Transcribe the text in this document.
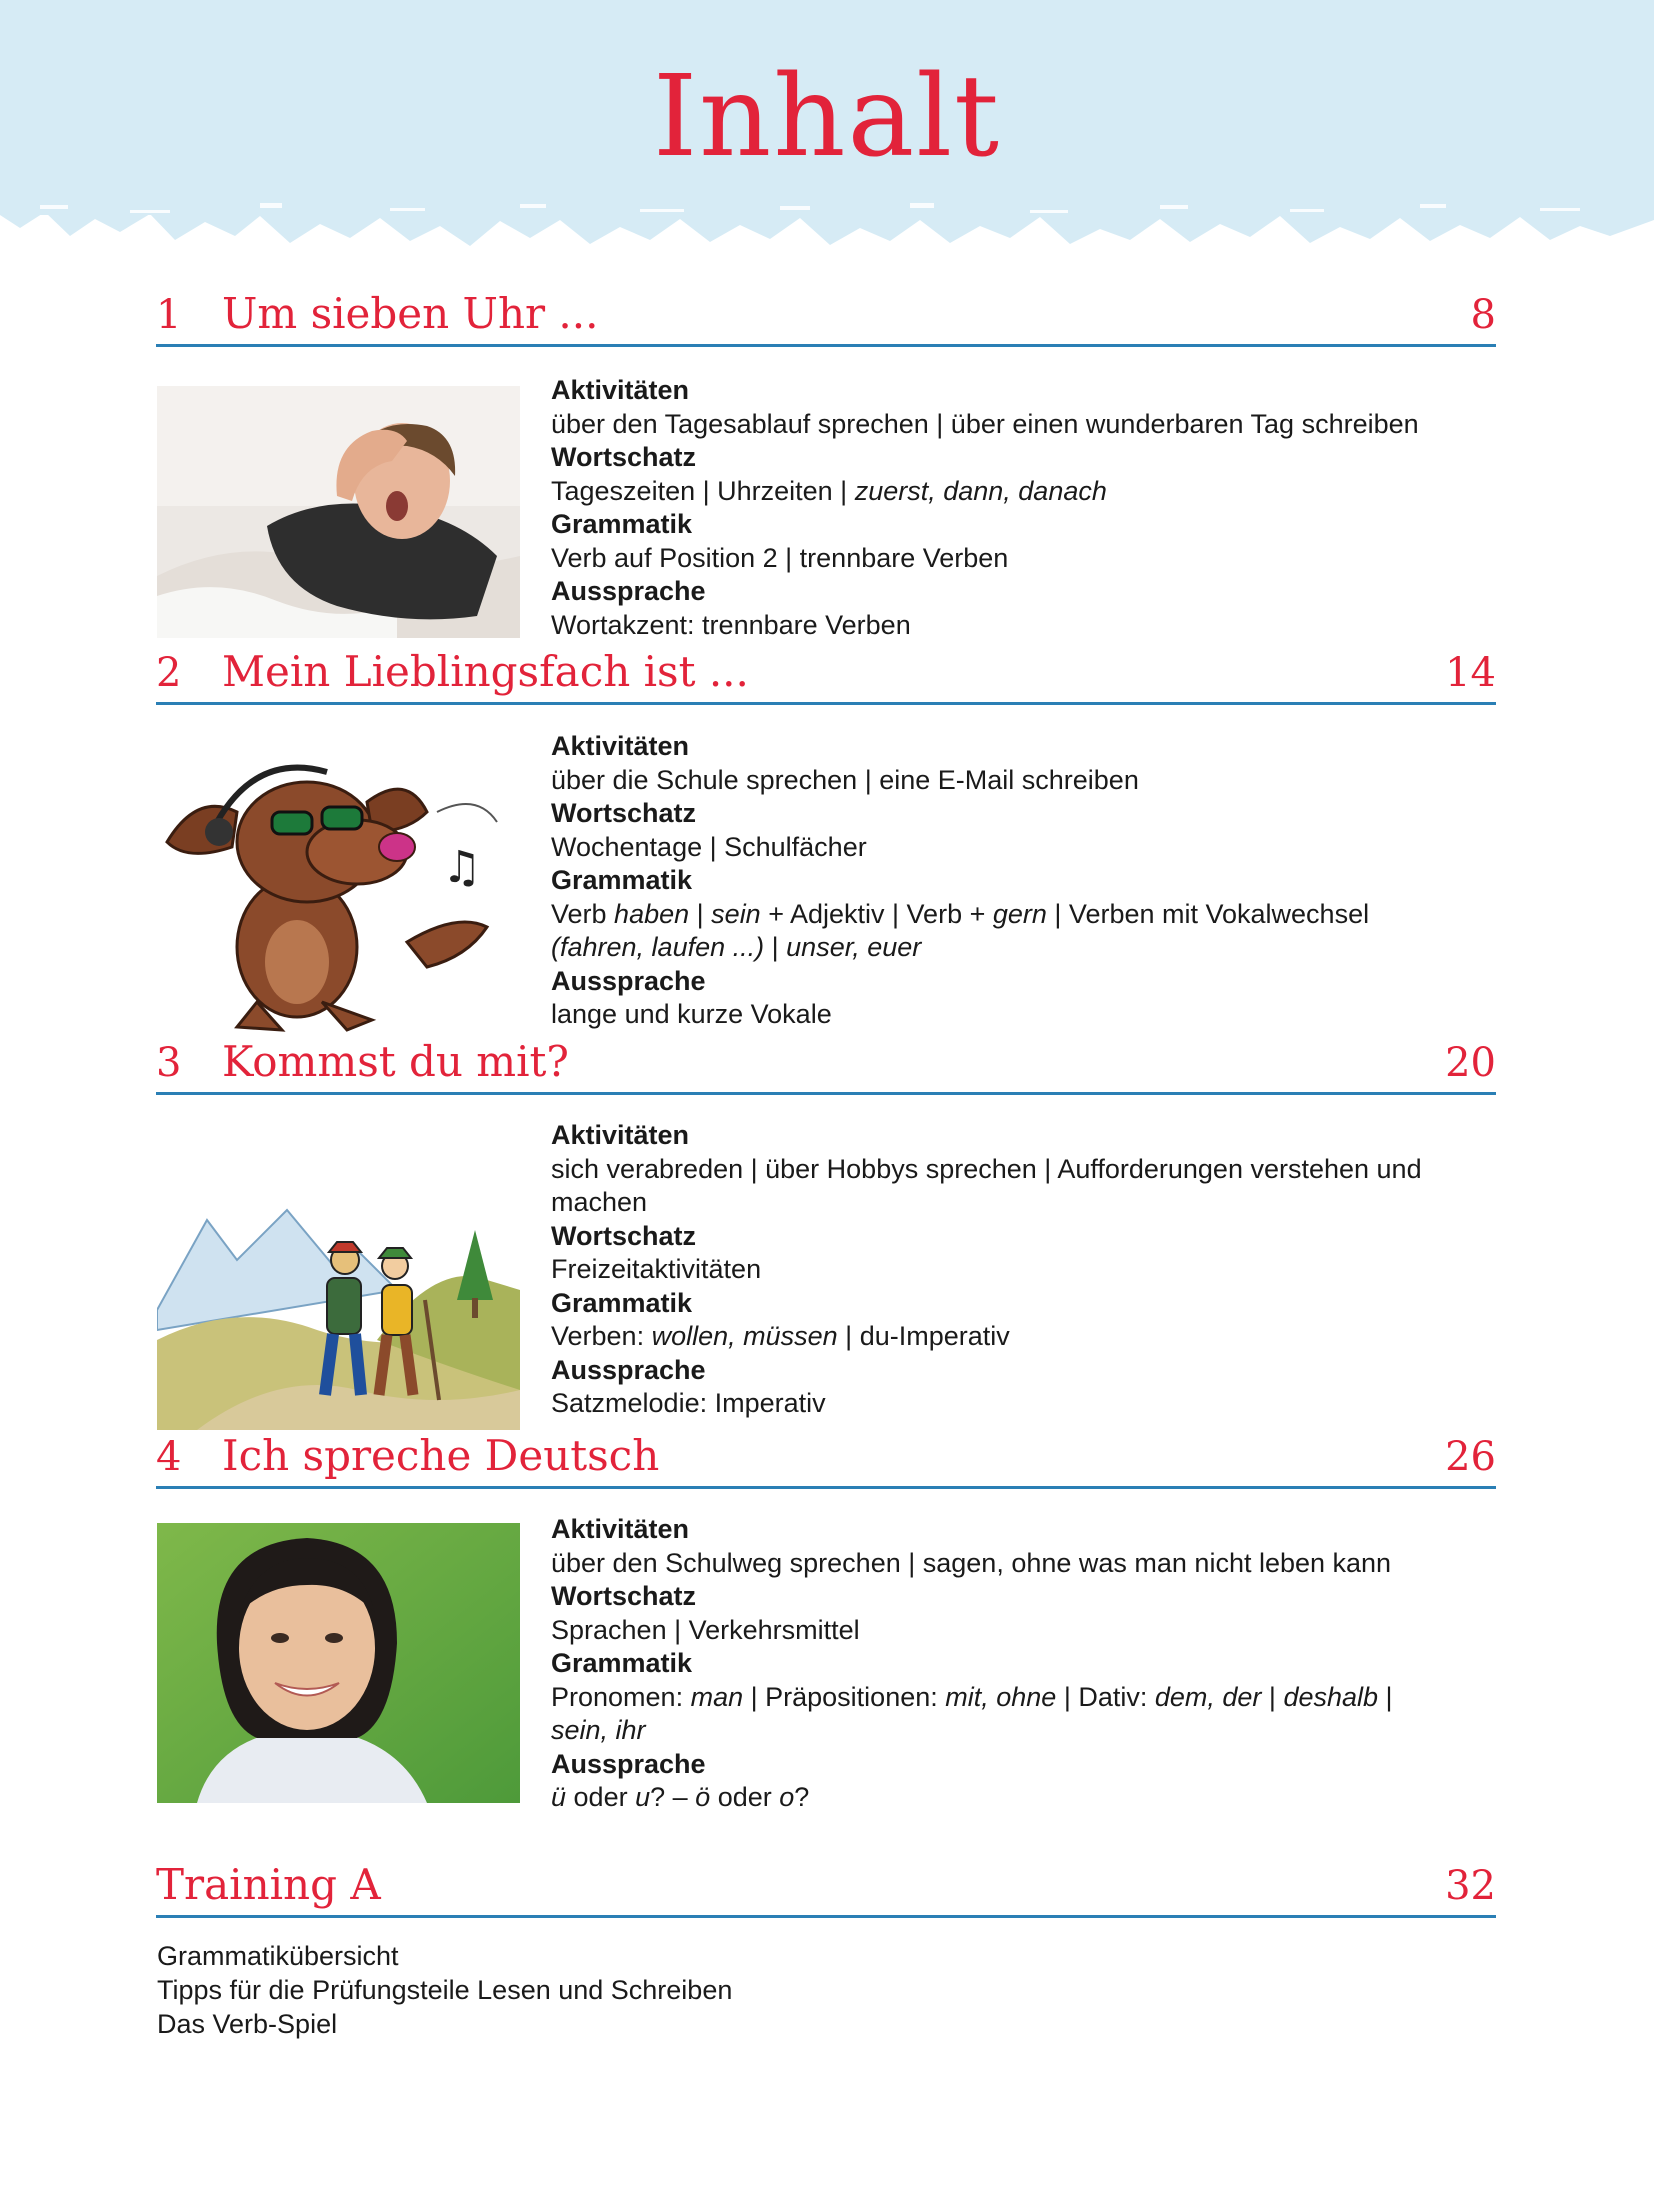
Inhalt
1 Um sieben Uhr ...	8
Aktivitäten
über den Tagesablauf sprechen | über einen wunderbaren Tag schreiben
Wortschatz
Tageszeiten | Uhrzeiten | zuerst, dann, danach
Grammatik
Verb auf Position 2 | trennbare Verben
Aussprache
Wortakzent: trennbare Verben
2 Mein Lieblingsfach ist ...	14
♫
Aktivitäten
über die Schule sprechen | eine E-Mail schreiben
Wortschatz
Wochentage | Schulfächer
Grammatik
Verb haben | sein + Adjektiv | Verb + gern | Verben mit Vokalwechsel
(fahren, laufen ...) | unser, euer
Aussprache
lange und kurze Vokale
3 Kommst du mit?	20
Aktivitäten
sich verabreden | über Hobbys sprechen | Aufforderungen verstehen und
machen
Wortschatz
Freizeitaktivitäten
Grammatik
Verben: wollen, müssen | du-Imperativ
Aussprache
Satzmelodie: Imperativ
4 Ich spreche Deutsch	26
Aktivitäten
über den Schulweg sprechen | sagen, ohne was man nicht leben kann
Wortschatz
Sprachen | Verkehrsmittel
Grammatik
Pronomen: man | Präpositionen: mit, ohne | Dativ: dem, der | deshalb |
sein, ihr
Aussprache
ü oder u? – ö oder o?
Training A	32
Grammatikübersicht
Tipps für die Prüfungsteile Lesen und Schreiben
Das Verb-Spiel
